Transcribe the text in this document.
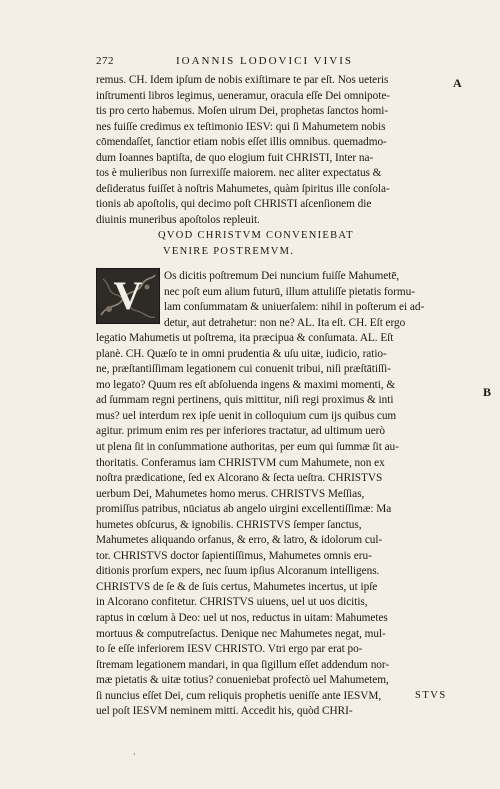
272	IOANNIS LODOVICI VIVIS
A
B
remus. CH. Idem ipſum de nobis exiſtimare te par eſt. Nos ueteris
inſtrumenti libros legimus, ueneramur, oracula eſſe Dei omnipote-
tis pro certo habemus. Moſen uirum Dei, prophetas ſanctos homi-
nes fuiſſe credimus ex teſtimonio IESV: qui ſi Mahumetem nobis
cōmendaſſet, ſanctior etiam nobis eſſet illis omnibus. quemadmo-
dum Ioannes baptiſta, de quo elogium fuit CHRISTI, Inter na-
tos è mulieribus non ſurrexiſſe maiorem. nec aliter expectatus &
deſideratus fuiſſet à noſtris Mahumetes, quàm ſpiritus ille conſola-
tionis ab apoſtolis, qui decimo poſt CHRISTI aſcenſionem die
diuinis muneribus apoſtolos repleuit.
QVOD CHRISTVM CONVENIEBAT
VENIRE POSTREMVM.
V	Os dicitis poſtremum Dei nuncium fuiſſe Mahumetē,
nec poſt eum alium futurū, illum attuliſſe pietatis formu-
lam conſummatam & uniuerſalem: nihil in poſterum ei ad-
detur, aut detrahetur: non ne? AL. Ita eſt. CH. Eſt ergo
legatio Mahumetis ut poſtrema, ita præcipua & conſumata. AL. Eſt
planè. CH. Quæſo te in omni prudentia & uſu uitæ, iudicio, ratio-
ne, præſtantiſſimam legationem cui conuenit tribui, niſi præſtātiſſi-
mo legato? Quum res eſt abſoluenda ingens & maximi momenti, &
ad ſummam regni pertinens, quis mittitur, niſi regi proximus & inti
mus? uel interdum rex ipſe uenit in colloquium cum ijs quibus cum
agitur. primum enim res per inferiores tractatur, ad ultimum uerò
ut plena ſit in conſummatione authoritas, per eum qui ſummæ ſit au-
thoritatis. Conferamus iam CHRISTVM cum Mahumete, non ex
noſtra prædicatione, ſed ex Alcorano & ſecta ueſtra. CHRISTVS
uerbum Dei, Mahumetes homo merus. CHRISTVS Meſſias,
promiſſus patribus, nūciatus ab angelo uirgini excellentiſſimæ: Ma
humetes obſcurus, & ignobilis. CHRISTVS ſemper ſanctus,
Mahumetes aliquando orfanus, & erro, & latro, & idolorum cul-
tor. CHRISTVS doctor ſapientiſſimus, Mahumetes omnis eru-
ditionis prorſum expers, nec ſuum ipſius Alcoranum intelligens.
CHRISTVS de ſe & de ſuis certus, Mahumetes incertus, ut ipſe
in Alcorano confitetur. CHRISTVS uiuens, uel ut uos dicitis,
raptus in cœlum à Deo: uel ut nos, reductus in uitam: Mahumetes
mortuus & computreſactus. Denique nec Mahumetes negat, mul-
to ſe eſſe inferiorem IESV CHRISTO. Vtri ergo par erat po-
ſtremam legationem mandari, in qua ſigillum eſſet addendum nor-
mæ pietatis & uitæ totius? conueniebat profectò uel Mahumetem,
ſi nuncius eſſet Dei, cum reliquis prophetis ueniſſe ante IESVM,
uel poſt IESVM neminem mitti. Accedit his, quòd CHRI-
STVS
·
